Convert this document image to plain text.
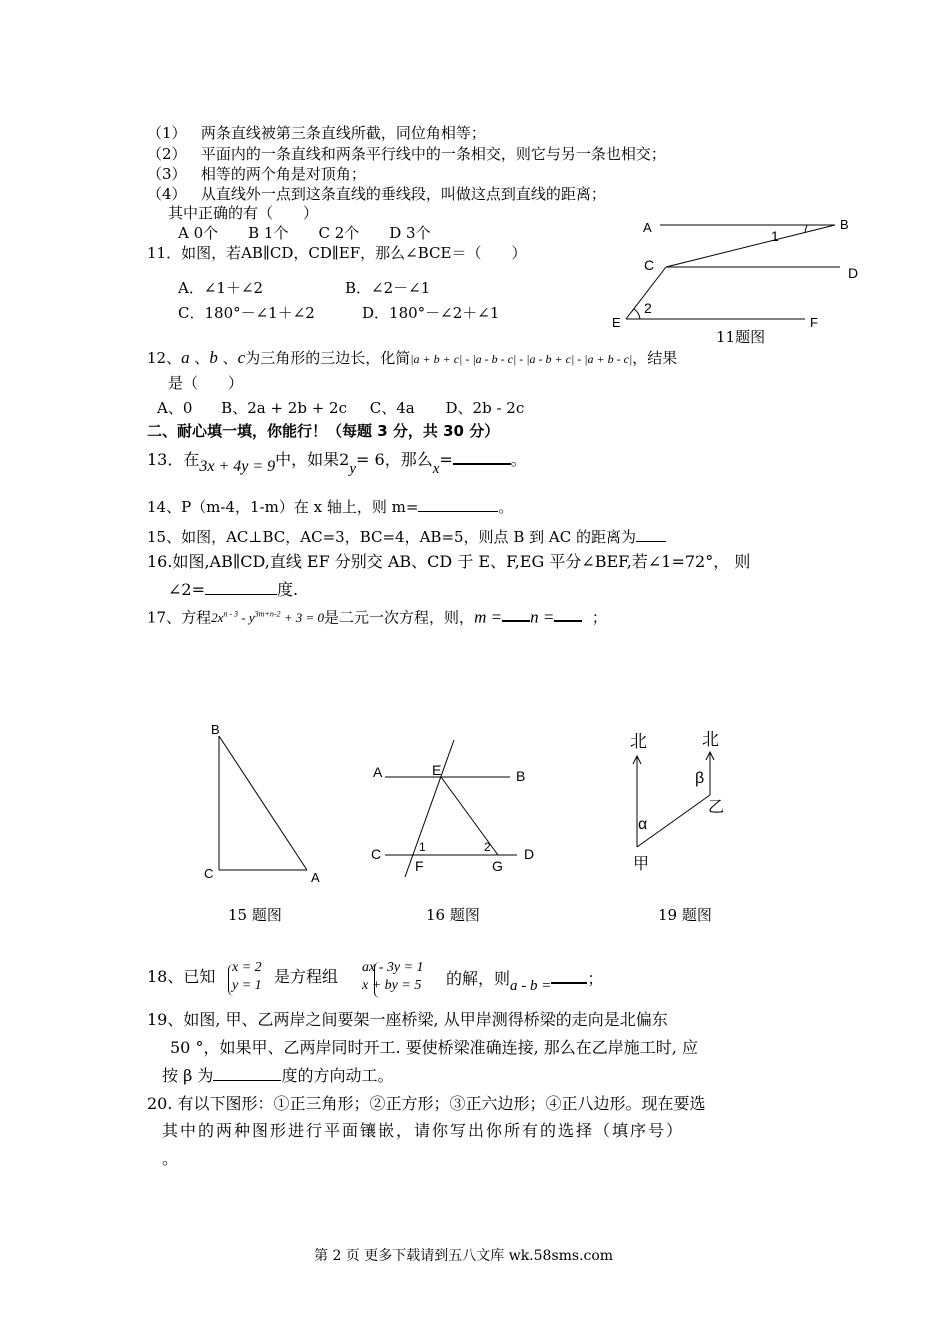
（1） 两条直线被第三条直线所截，同位角相等；
（2） 平面内的一条直线和两条平行线中的一条相交，则它与另一条也相交；
（3） 相等的两个角是对顶角；
（4） 从直线外一点到这条直线的垂线段，叫做这点到直线的距离；
其中正确的有（　　）
A 0个　　B 1个　　C 2个　　D 3个
11．如图，若AB∥CD，CD∥EF，那么∠BCE＝（　　）
A．∠1＋∠2	B．∠2－∠1
C．180°－∠1＋∠2	D．180°－∠2＋∠1
A	B
C	D
E	F
1
2
11题图
12、a 、b 、c为三角形的三边长，化简|a + b + c| - |a - b - c| - |a - b + c| - |a + b - c|，结果
是（　　）
A、0 B、2a + 2b + 2c C、4a D、2b - 2c
二、耐心填一填，你能行！（每题 3 分，共 30 分）
13．在3x + 4y = 9中，如果2y= 6，那么x=	。
14、P（m-4，1-m）在 x 轴上，则 m=	。
15、如图，AC⊥BC，AC=3，BC=4，AB=5，则点 B 到 AC 的距离为
16.如图,AB∥CD,直线 EF 分别交 AB、CD 于 E、F,EG 平分∠BEF,若∠1=72°， 则
∠2=	度.
17、方程$2x^{n - 3} - y^{3m+n-2} + 3 = 0$是二元一次方程，则，m = n =	；
B
C	A
15 题图
A	E	B
C
F	G
D
1	2
16 题图
北	北
β
α
乙
甲
19 题图
18、已知 x = 2
y = 1 是方程组 ax - 3y = 1
x + by = 5 的解，则a - b = ；
19、如图, 甲、乙两岸之间要架一座桥梁, 从甲岸测得桥梁的走向是北偏东
50 °，如果甲、乙两岸同时开工. 要使桥梁准确连接, 那么在乙岸施工时, 应
按 β 为	度的方向动工。
20. 有以下图形：①正三角形；②正方形；③正六边形；④正八边形。现在要选
其中的两种图形进行平面镶嵌，请你写出你所有的选择（填序号）
。
第 2 页 更多下载请到五八文库 wk.58sms.com
